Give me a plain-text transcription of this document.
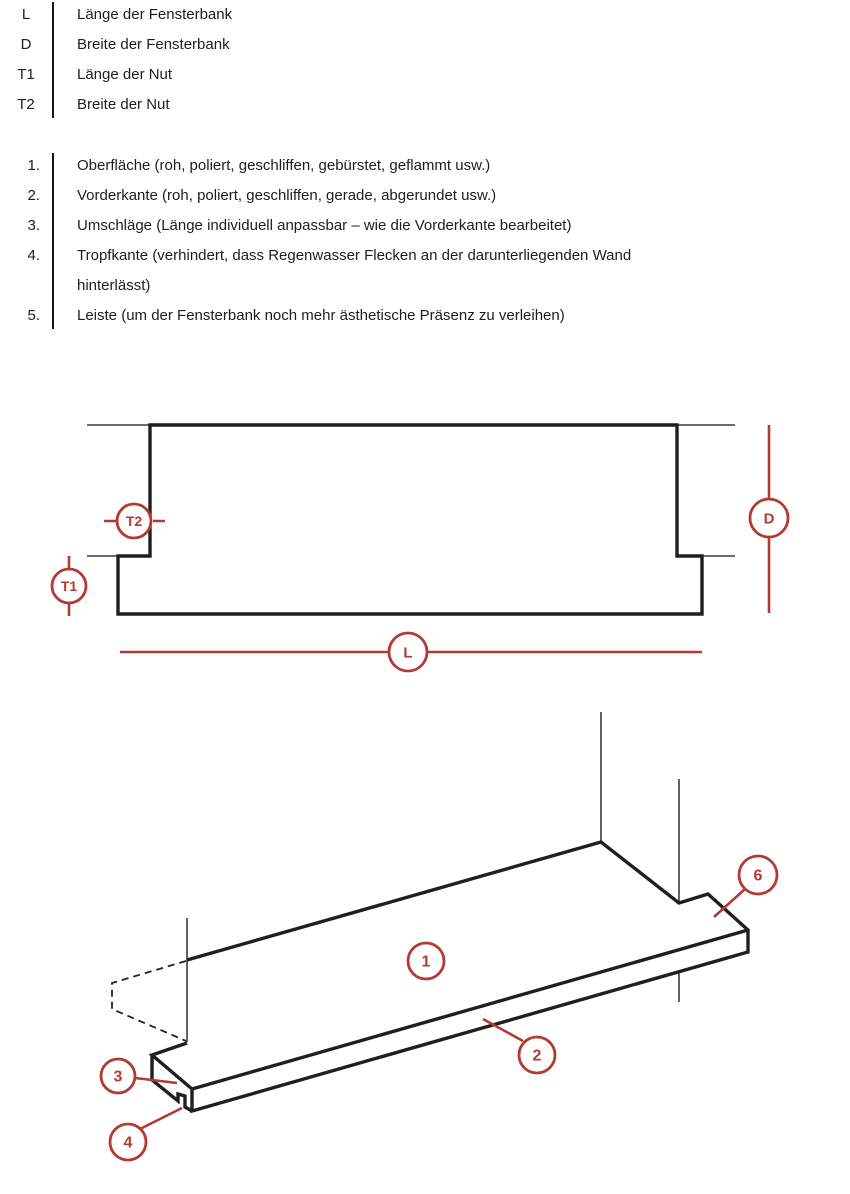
L	Länge der Fensterbank
D	Breite der Fensterbank
T1	Länge der Nut
T2	Breite der Nut
1.	Oberfläche (roh, poliert, geschliffen, gebürstet, geflammt usw.)
2.	Vorderkante (roh, poliert, geschliffen, gerade, abgerundet usw.)
3.	Umschläge (Länge individuell anpassbar – wie die Vorderkante bearbeitet)
4.	Tropfkante (verhindert, dass Regenwasser Flecken an der darunterliegenden Wand
hinterlässt)
5.	Leiste (um der Fensterbank noch mehr ästhetische Präsenz zu verleihen)
T2
T1
D
L
1
2
3
4
6
